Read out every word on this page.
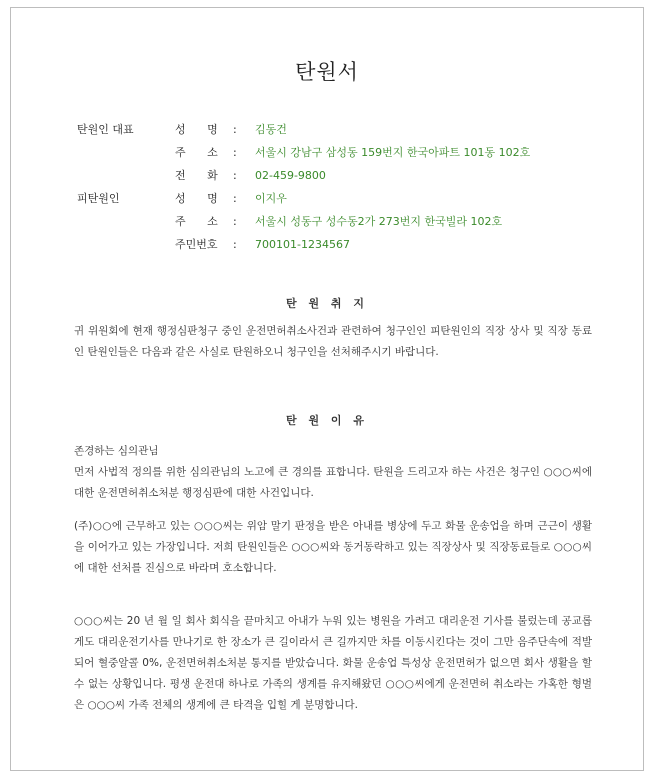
탄원서
탄원인 대표	성 명 : 김동건
주 소 : 서울시 강남구 삼성동 159번지 한국아파트 101동 102호
전 화 : 02-459-9800
피탄원인	성 명 : 이지우
주 소 : 서울시 성동구 성수동2가 273번지 한국빌라 102호
주민번호 : 700101-1234567
탄 원 취 지

귀 위원회에 현재 행정심판청구 중인 운전면허취소사건과 관련하여 청구인인 피탄원인의 직장 상사 및 직장 동료인 탄원인들은 다음과 같은 사실로 탄원하오니 청구인을 선처해주시기 바랍니다.

탄 원 이 유

존경하는 심의관님
먼저 사법적 정의를 위한 심의관님의 노고에 큰 경의를 표합니다. 탄원을 드리고자 하는 사건은 청구인 ○○○씨에 대한 운전면허취소처분 행정심판에 대한 사건입니다.

(주)○○에 근무하고 있는 ○○○씨는 위암 말기 판정을 받은 아내를 병상에 두고 화물 운송업을 하며 근근이 생활을 이어가고 있는 가장입니다. 저희 탄원인들은 ○○○씨와 동거동락하고 있는 직장상사 및 직장동료들로 ○○○씨에 대한 선처를 진심으로 바라며 호소합니다.

○○○씨는 20 년 월 일 회사 회식을 끝마치고 아내가 누워 있는 병원을 가려고 대리운전 기사를 불렀는데 공교롭게도 대리운전기사를 만나기로 한 장소가 큰 길이라서 큰 길까지만 차를 이동시킨다는 것이 그만 음주단속에 적발되어 혈중알콜 0%, 운전면허취소처분 통지를 받았습니다. 화물 운송업 특성상 운전면허가 없으면 회사 생활을 할 수 없는 상황입니다. 평생 운전대 하나로 가족의 생계를 유지해왔던 ○○○씨에게 운전면허 취소라는 가혹한 형벌은 ○○○씨 가족 전체의 생계에 큰 타격을 입힐 게 분명합니다.
